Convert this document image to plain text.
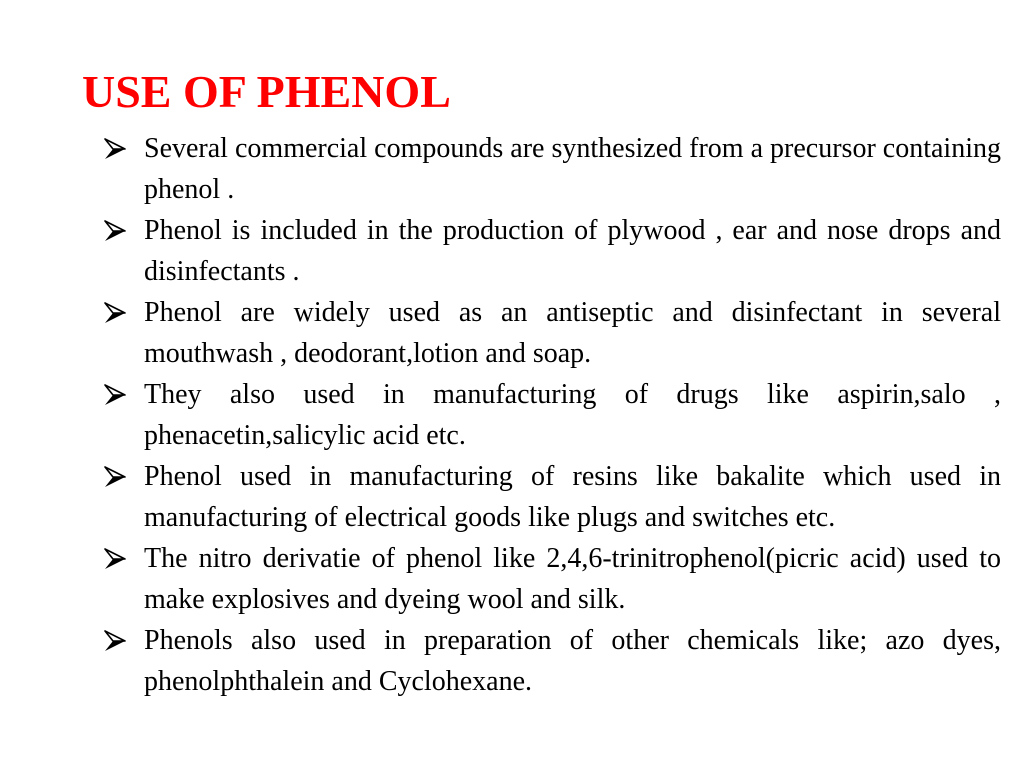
USE OF PHENOL
Several commercial compounds are synthesized from a precursor containing phenol .
Phenol is included in the production of plywood , ear and nose drops and disinfectants .
Phenol are widely used as an antiseptic and disinfectant in several mouthwash , deodorant,lotion and soap.
They also used in manufacturing of drugs like aspirin,salo , phenacetin,salicylic acid etc.
Phenol used in manufacturing of resins like bakalite which used in manufacturing of electrical goods like plugs and switches etc.
The nitro derivatie of phenol like 2,4,6-trinitrophenol(picric acid) used to make explosives and dyeing wool and silk.
Phenols also used in preparation of other chemicals like; azo dyes, phenolphthalein and Cyclohexane.
